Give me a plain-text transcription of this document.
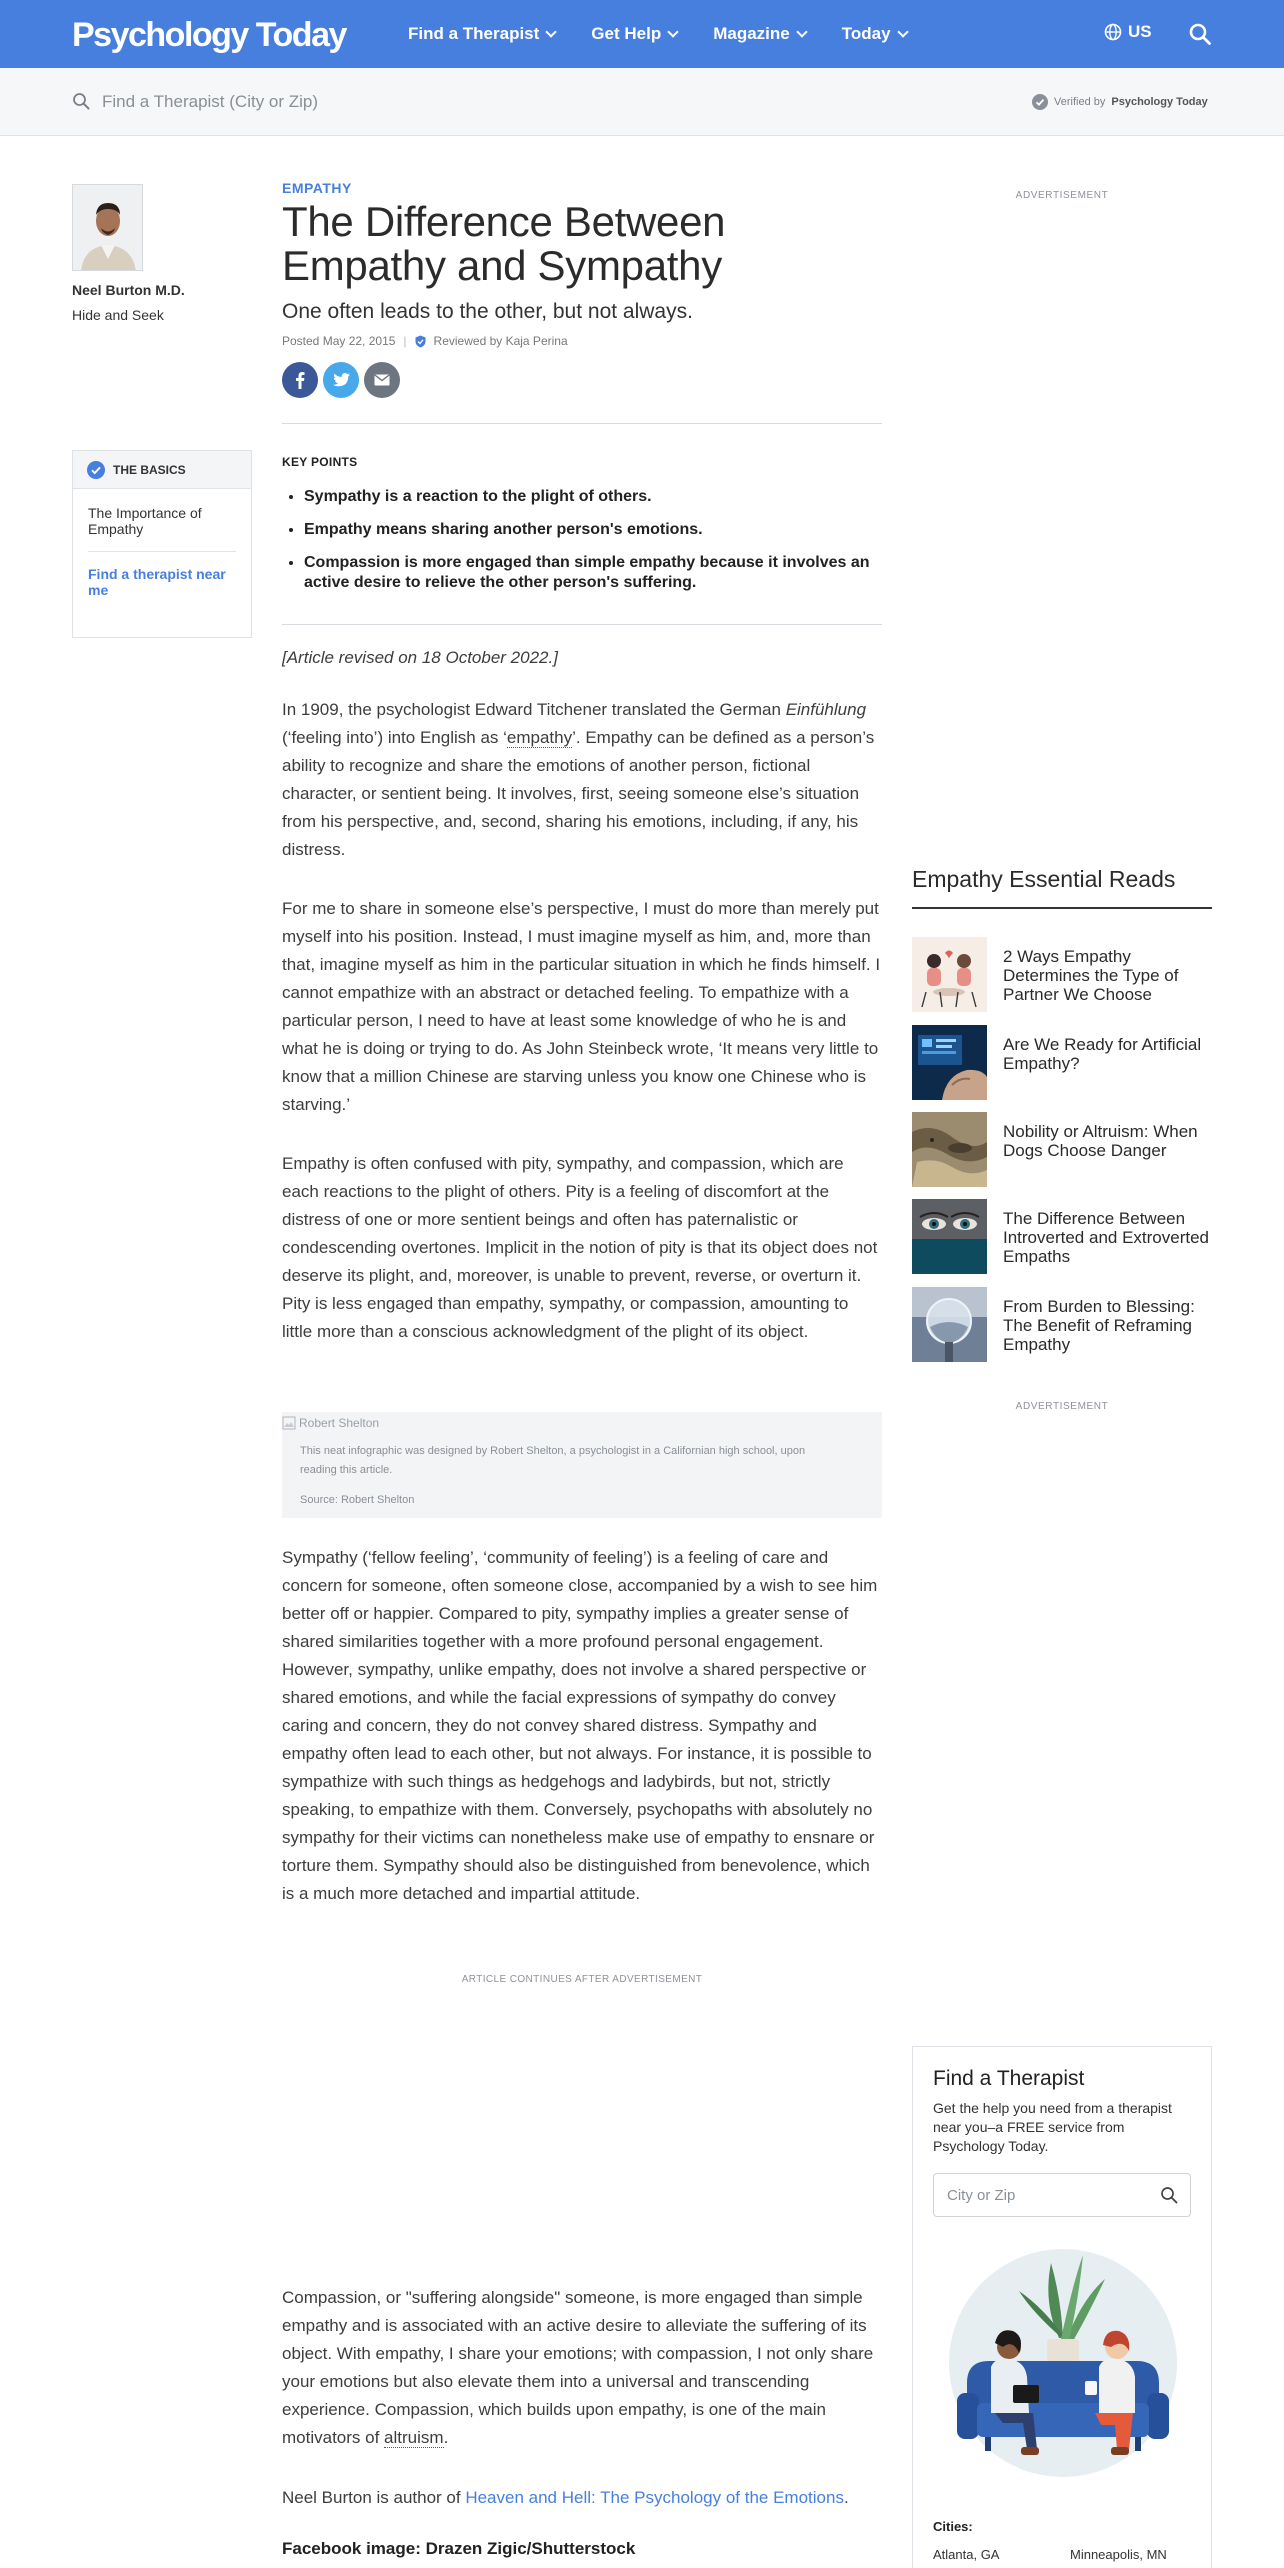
Psychology Today	Find a Therapist	Get Help	Magazine	Today	US
Find a Therapist (City or Zip)
Verified by Psychology Today
Neel Burton M.D.
Hide and Seek
THE BASICS
The Importance of Empathy
Find a therapist near me
EMPATHY
The Difference Between Empathy and Sympathy
One often leads to the other, but not always.
Posted May 22, 2015 | Reviewed by Kaja Perina
KEY POINTS
• Sympathy is a reaction to the plight of others.
• Empathy means sharing another person's emotions.
• Compassion is more engaged than simple empathy because it involves an active desire to relieve the other person's suffering.
[Article revised on 18 October 2022.]

In 1909, the psychologist Edward Titchener translated the German Einfühlung (‘feeling into’) into English as ‘empathy’. Empathy can be defined as a person’s ability to recognize and share the emotions of another person, fictional character, or sentient being. It involves, first, seeing someone else’s situation from his perspective, and, second, sharing his emotions, including, if any, his distress.

For me to share in someone else’s perspective, I must do more than merely put myself into his position. Instead, I must imagine myself as him, and, more than that, imagine myself as him in the particular situation in which he finds himself. I cannot empathize with an abstract or detached feeling. To empathize with a particular person, I need to have at least some knowledge of who he is and what he is doing or trying to do. As John Steinbeck wrote, ‘It means very little to know that a million Chinese are starving unless you know one Chinese who is starving.’

Empathy is often confused with pity, sympathy, and compassion, which are each reactions to the plight of others. Pity is a feeling of discomfort at the distress of one or more sentient beings and often has paternalistic or condescending overtones. Implicit in the notion of pity is that its object does not deserve its plight, and, moreover, is unable to prevent, reverse, or overturn it. Pity is less engaged than empathy, sympathy, or compassion, amounting to little more than a conscious acknowledgment of the plight of its object.

Robert Shelton
This neat infographic was designed by Robert Shelton, a psychologist in a Californian high school, upon reading this article.
Source: Robert Shelton

Sympathy (‘fellow feeling’, ‘community of feeling’) is a feeling of care and concern for someone, often someone close, accompanied by a wish to see him better off or happier. Compared to pity, sympathy implies a greater sense of shared similarities together with a more profound personal engagement. However, sympathy, unlike empathy, does not involve a shared perspective or shared emotions, and while the facial expressions of sympathy do convey caring and concern, they do not convey shared distress. Sympathy and empathy often lead to each other, but not always. For instance, it is possible to sympathize with such things as hedgehogs and ladybirds, but not, strictly speaking, to empathize with them. Conversely, psychopaths with absolutely no sympathy for their victims can nonetheless make use of empathy to ensnare or torture them. Sympathy should also be distinguished from benevolence, which is a much more detached and impartial attitude.

ARTICLE CONTINUES AFTER ADVERTISEMENT

Compassion, or "suffering alongside" someone, is more engaged than simple empathy and is associated with an active desire to alleviate the suffering of its object. With empathy, I share your emotions; with compassion, I not only share your emotions but also elevate them into a universal and transcending experience. Compassion, which builds upon empathy, is one of the main motivators of altruism.

Neel Burton is author of Heaven and Hell: The Psychology of the Emotions.

Facebook image: Drazen Zigic/Shutterstock

ADVERTISEMENT
Empathy Essential Reads
2 Ways Empathy Determines the Type of Partner We Choose
Are We Ready for Artificial Empathy?
Nobility or Altruism: When Dogs Choose Danger
The Difference Between Introverted and Extroverted Empaths
From Burden to Blessing: The Benefit of Reframing Empathy
ADVERTISEMENT
Find a Therapist
Get the help you need from a therapist near you–a FREE service from Psychology Today.
City or Zip
Cities:
Atlanta, GA	Minneapolis, MN
